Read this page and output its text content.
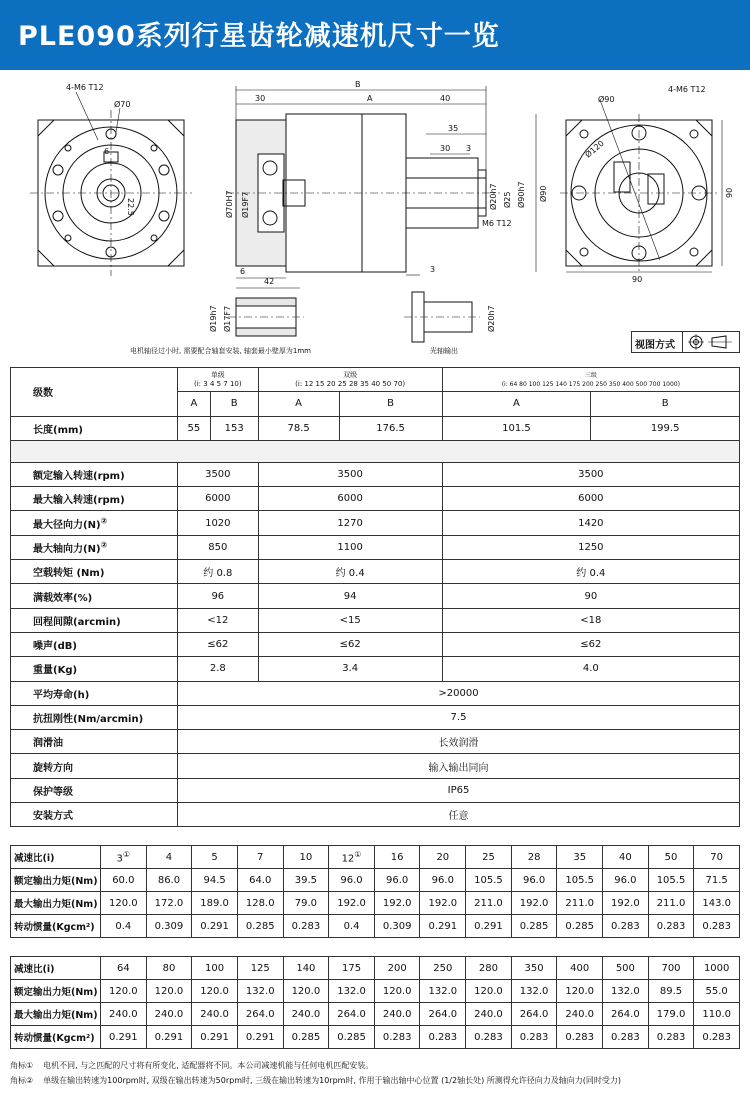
PLE090系列行星齿轮减速机尺寸一览
4-M6 T12
Ø70
6
22.5
B
30	A	40
35
30 3
Ø70H7 Ø19F7	Ø20h7 Ø25 Ø90h7 Ø90
M6 T12
6
42
3
Ø90
4-M6 T12
Ø120
90
90
Ø19h7 Ø17F7
电机轴径过小时, 需要配合轴套安装, 轴套最小壁厚为1mm
Ø20h7
光轴输出	视图方式
级数	单级
(i: 3 4 5 7 10)		双级
(i: 12 15 20 25 28 35 40 50 70)		三级
(i: 64 80 100 125 140 175 200 250 350 400 500 700 1000)	
	A	B	A	B	A	B
长度(mm)	55	153	78.5	176.5	101.5	199.5

额定输入转速(rpm)	3500		3500		3500	
最大输入转速(rpm)	6000		6000		6000	
最大径向力(N)②	1020		1270		1420	
最大轴向力(N)②	850		1100		1250	
空载转矩 (Nm)	约 0.8		约 0.4		约 0.4	
满载效率(%)	96		94		90	
回程间隙(arcmin)	<12		<15		<18	
噪声(dB)	≤62		≤62		≤62	
重量(Kg)	2.8		3.4		4.0	
平均寿命(h)	>20000					
抗扭刚性(Nm/arcmin)	7.5					
润滑油	长效润滑					
旋转方向	输入输出同向					
保护等级	IP65					
安装方式	任意					
减速比(i)	3①	4	5	7	10	12①	16	20	25	28	35	40	50	70
额定输出力矩(Nm)	60.0	86.0	94.5	64.0	39.5	96.0	96.0	96.0	105.5	96.0	105.5	96.0	105.5	71.5
最大输出力矩(Nm)	120.0	172.0	189.0	128.0	79.0	192.0	192.0	192.0	211.0	192.0	211.0	192.0	211.0	143.0
转动惯量(Kgcm²)	0.4	0.309	0.291	0.285	0.283	0.4	0.309	0.291	0.291	0.285	0.285	0.283	0.283	0.283
减速比(i)	64	80	100	125	140	175	200	250	280	350	400	500	700	1000
额定输出力矩(Nm)	120.0	120.0	120.0	132.0	120.0	132.0	120.0	132.0	120.0	132.0	120.0	132.0	89.5	55.0
最大输出力矩(Nm)	240.0	240.0	240.0	264.0	240.0	264.0	240.0	264.0	240.0	264.0	240.0	264.0	179.0	110.0
转动惯量(Kgcm²)	0.291	0.291	0.291	0.291	0.285	0.285	0.283	0.283	0.283	0.283	0.283	0.283	0.283	0.283
角标① 电机不同, 与之匹配的尺寸将有所变化, 适配器将不同。本公司减速机能与任何电机匹配安装。
角标② 单级在输出转速为100rpm时, 双级在输出转速为50rpm时, 三级在输出转速为10rpm时, 作用于输出轴中心位置 (1/2轴长处) 所测得允许径向力及轴向力(同时受力)
